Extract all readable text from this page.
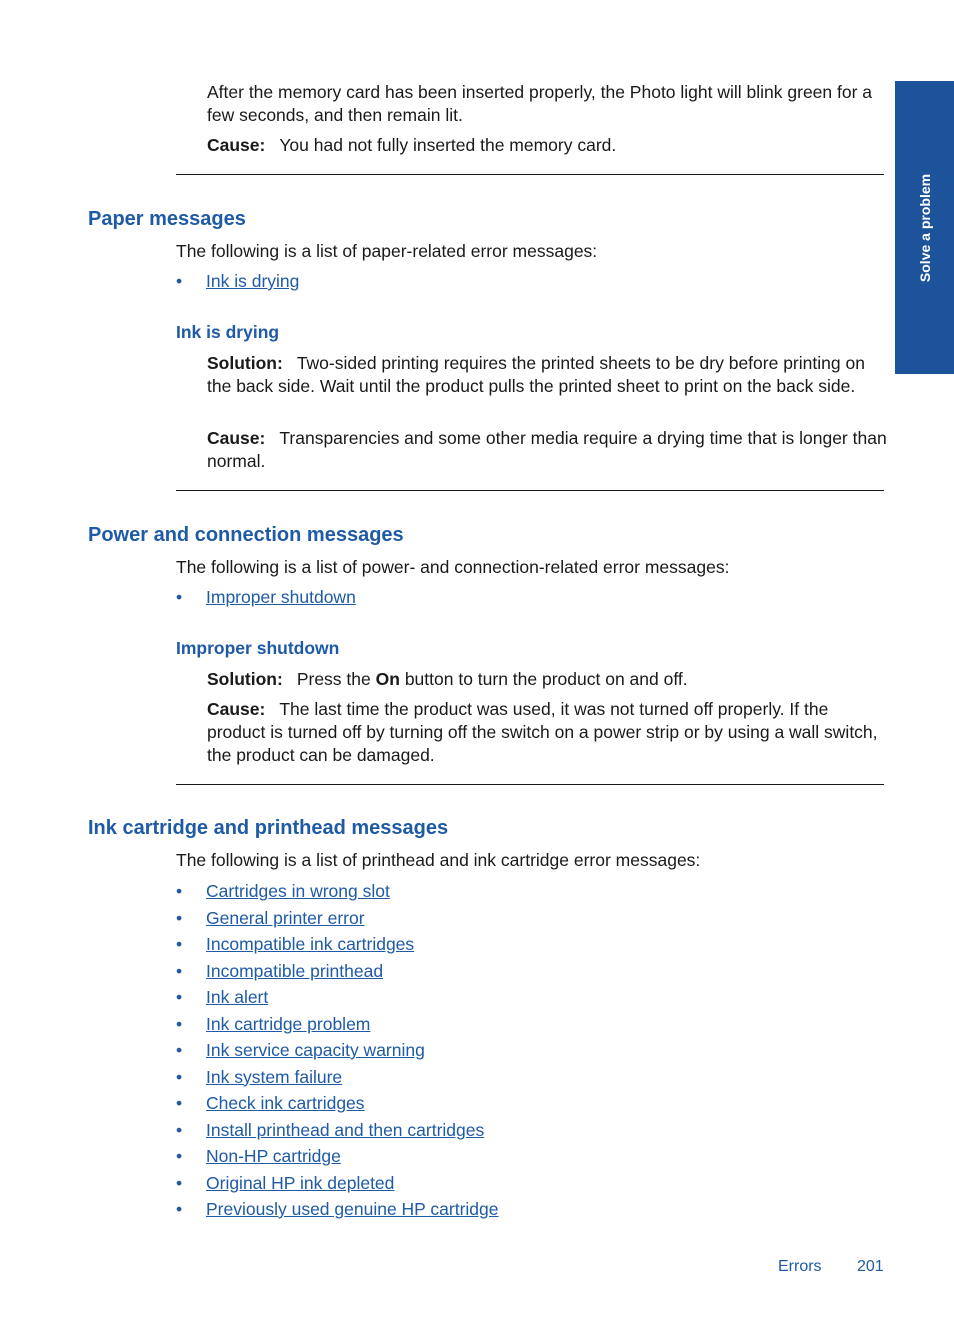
Solve a problem
After the memory card has been inserted properly, the Photo light will blink green for a few seconds, and then remain lit.
Cause: You had not fully inserted the memory card.
Paper messages
The following is a list of paper-related error messages:
• Ink is drying
Ink is drying
Solution: Two-sided printing requires the printed sheets to be dry before printing on the back side. Wait until the product pulls the printed sheet to print on the back side.
Cause: Transparencies and some other media require a drying time that is longer than normal.
Power and connection messages
The following is a list of power- and connection-related error messages:
• Improper shutdown
Improper shutdown
Solution: Press the On button to turn the product on and off.
Cause: The last time the product was used, it was not turned off properly. If the product is turned off by turning off the switch on a power strip or by using a wall switch, the product can be damaged.
Ink cartridge and printhead messages
The following is a list of printhead and ink cartridge error messages:
• Cartridges in wrong slot
• General printer error
• Incompatible ink cartridges
• Incompatible printhead
• Ink alert
• Ink cartridge problem
• Ink service capacity warning
• Ink system failure
• Check ink cartridges
• Install printhead and then cartridges
• Non-HP cartridge
• Original HP ink depleted
• Previously used genuine HP cartridge
Errors 201
